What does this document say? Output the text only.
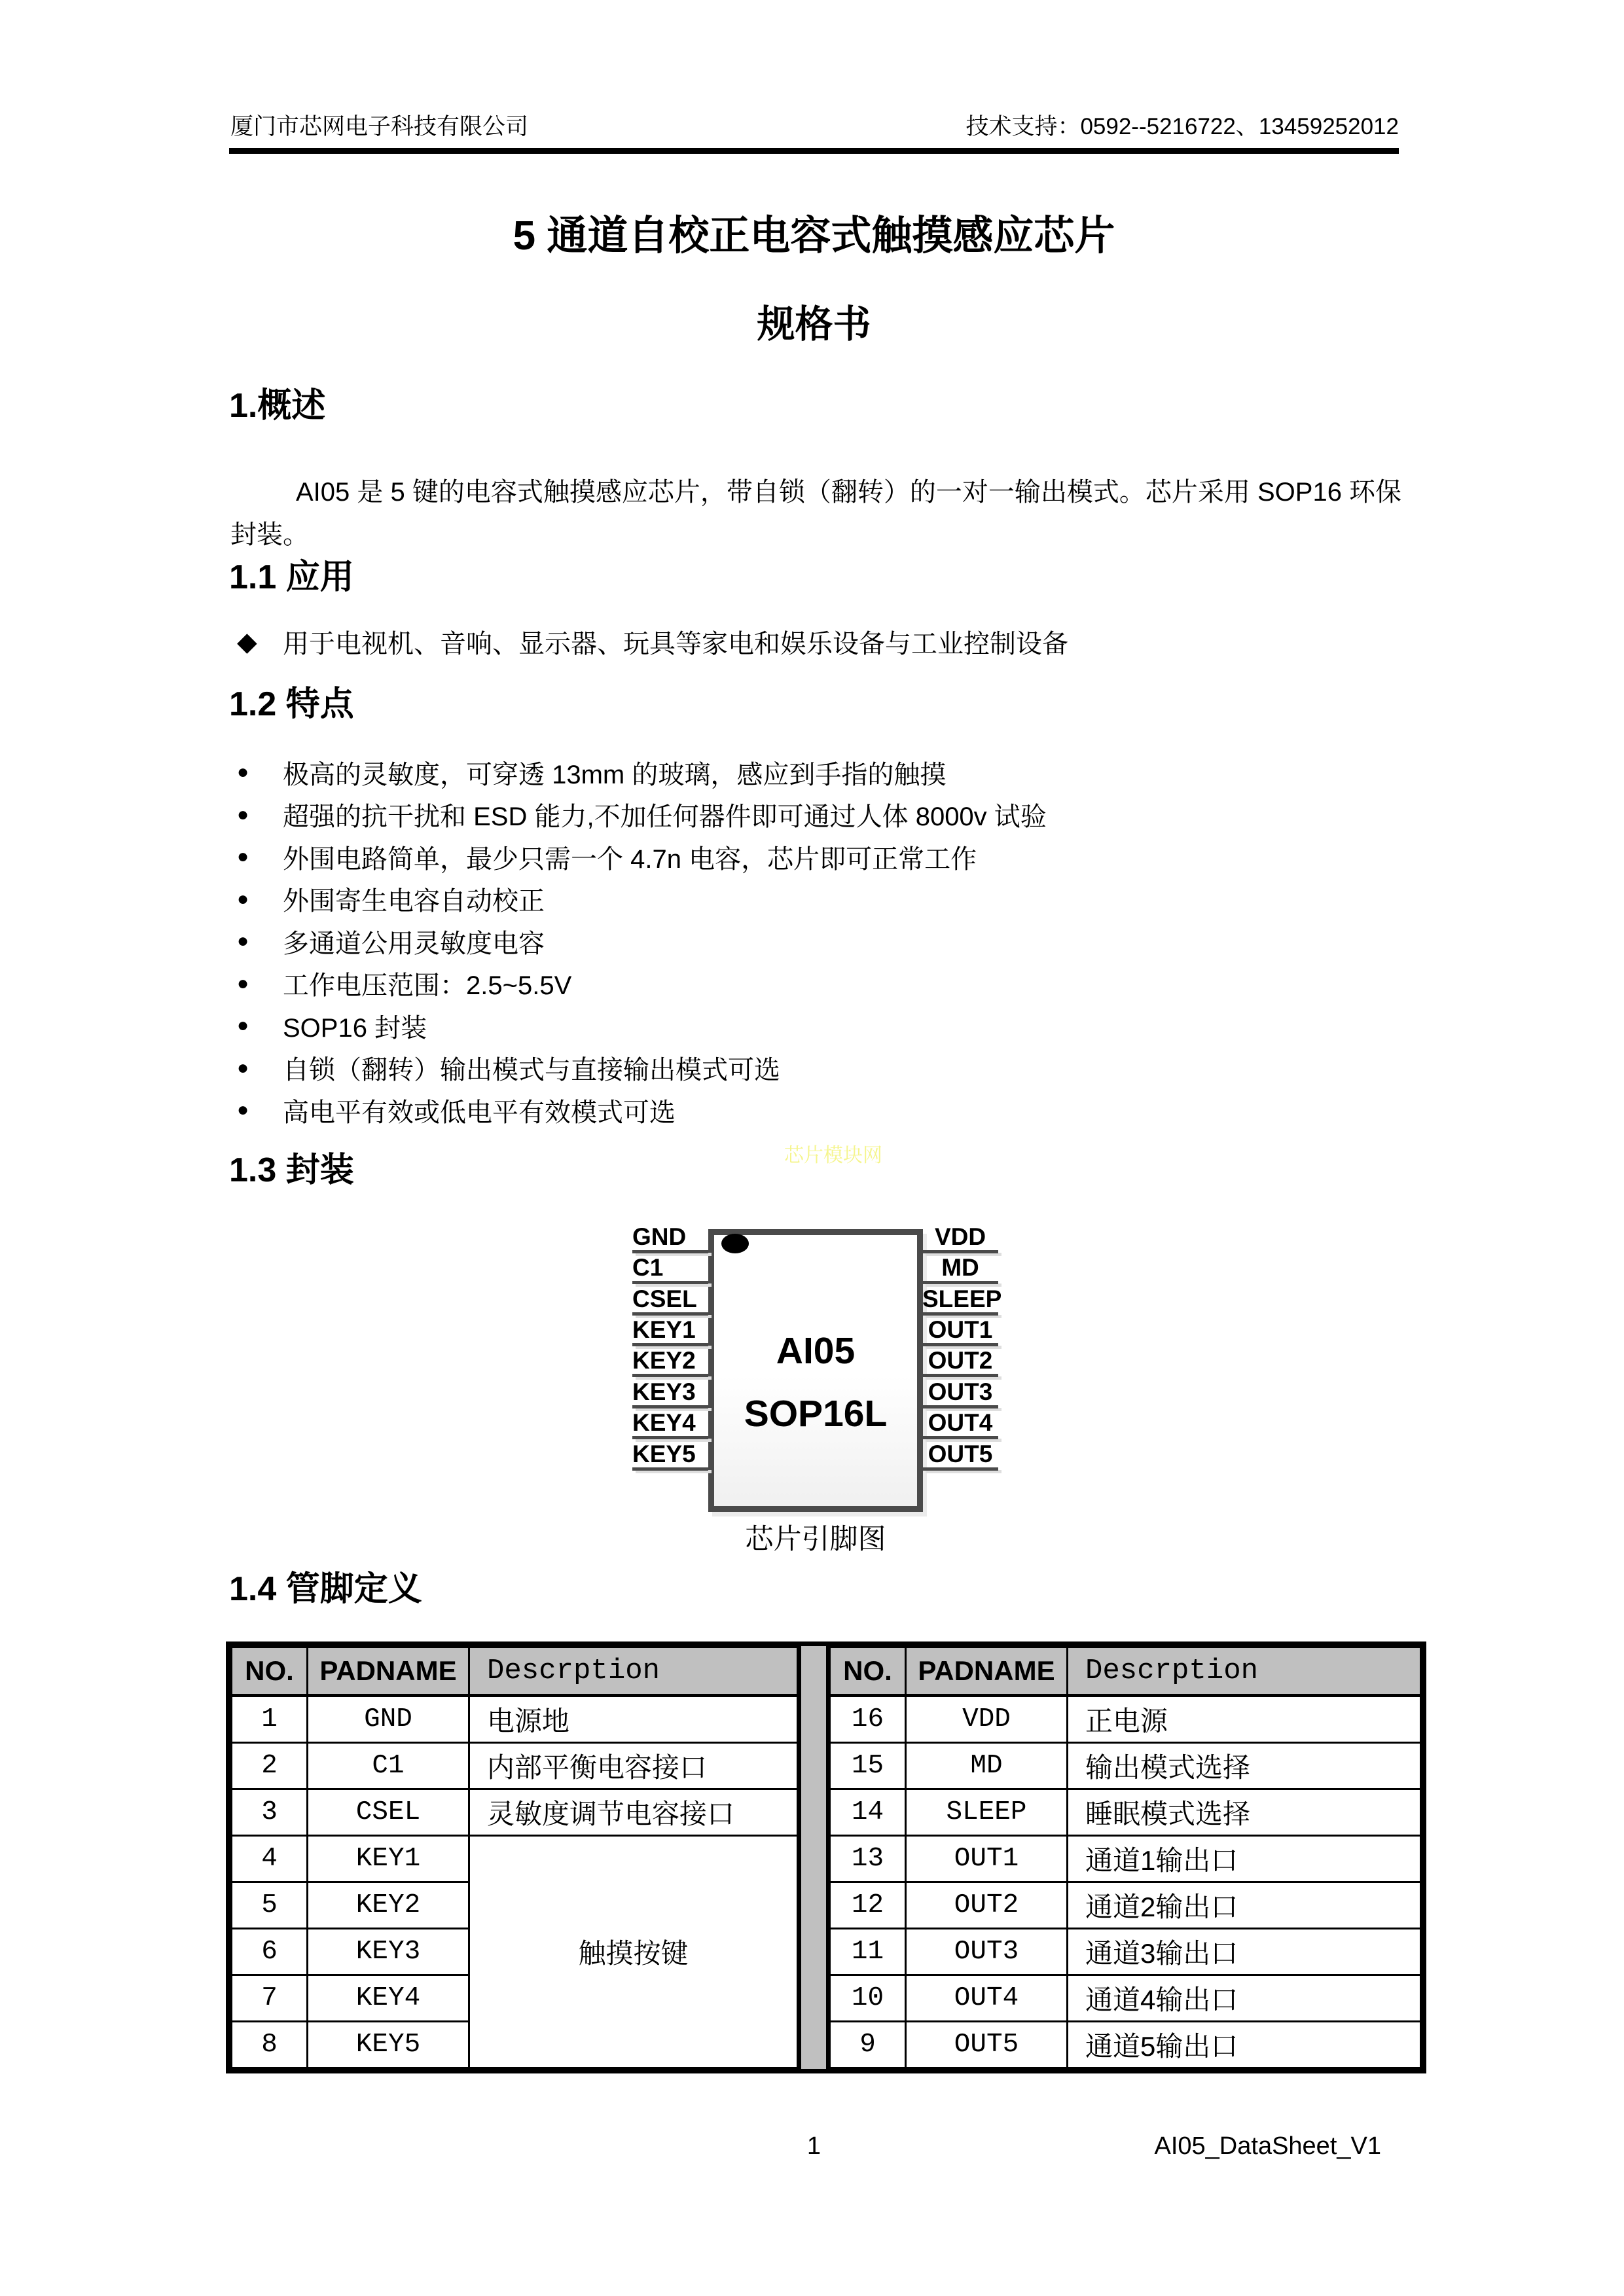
厦门市芯网电子科技有限公司	技术支持：0592--5216722、13459252012
5 通道自校正电容式触摸感应芯片
规格书
1.概述

AI05 是 5 键的电容式触摸感应芯片，带自锁（翻转）的一对一输出模式。芯片采用 SOP16 环保封装。

1.1 应用
◆ 用于电视机、音响、显示器、玩具等家电和娱乐设备与工业控制设备
1.2 特点
●	极高的灵敏度，可穿透 13mm 的玻璃，感应到手指的触摸
●	超强的抗干扰和 ESD 能力,不加任何器件即可通过人体 8000v 试验
●	外围电路简单，最少只需一个 4.7n 电容，芯片即可正常工作
●	外围寄生电容自动校正
●	多通道公用灵敏度电容
●	工作电压范围：2.5~5.5V
●	SOP16 封装
●	自锁（翻转）输出模式与直接输出模式可选
●	高电平有效或低电平有效模式可选
芯片模块网
1.3 封装
AI05
SOP16L
GND
C1
CSEL
KEY1
KEY2
KEY3
KEY4
KEY5
VDD
MD
SLEEP
OUT1
OUT2
OUT3
OUT4
OUT5
芯片引脚图
1.4 管脚定义
NO.	PADNAME	Descrption
1	GND	电源地
2	C1	内部平衡电容接口
3	CSEL	灵敏度调节电容接口
4	KEY1	触摸按键
5	KEY2	
6	KEY3	
7	KEY4	
8	KEY5	
NO.	PADNAME	Descrption
16	VDD	正电源
15	MD	输出模式选择
14	SLEEP	睡眠模式选择
13	OUT1	通道1输出口
12	OUT2	通道2输出口
11	OUT3	通道3输出口
10	OUT4	通道4输出口
9	OUT5	通道5输出口
1	AI05_DataSheet_V1
